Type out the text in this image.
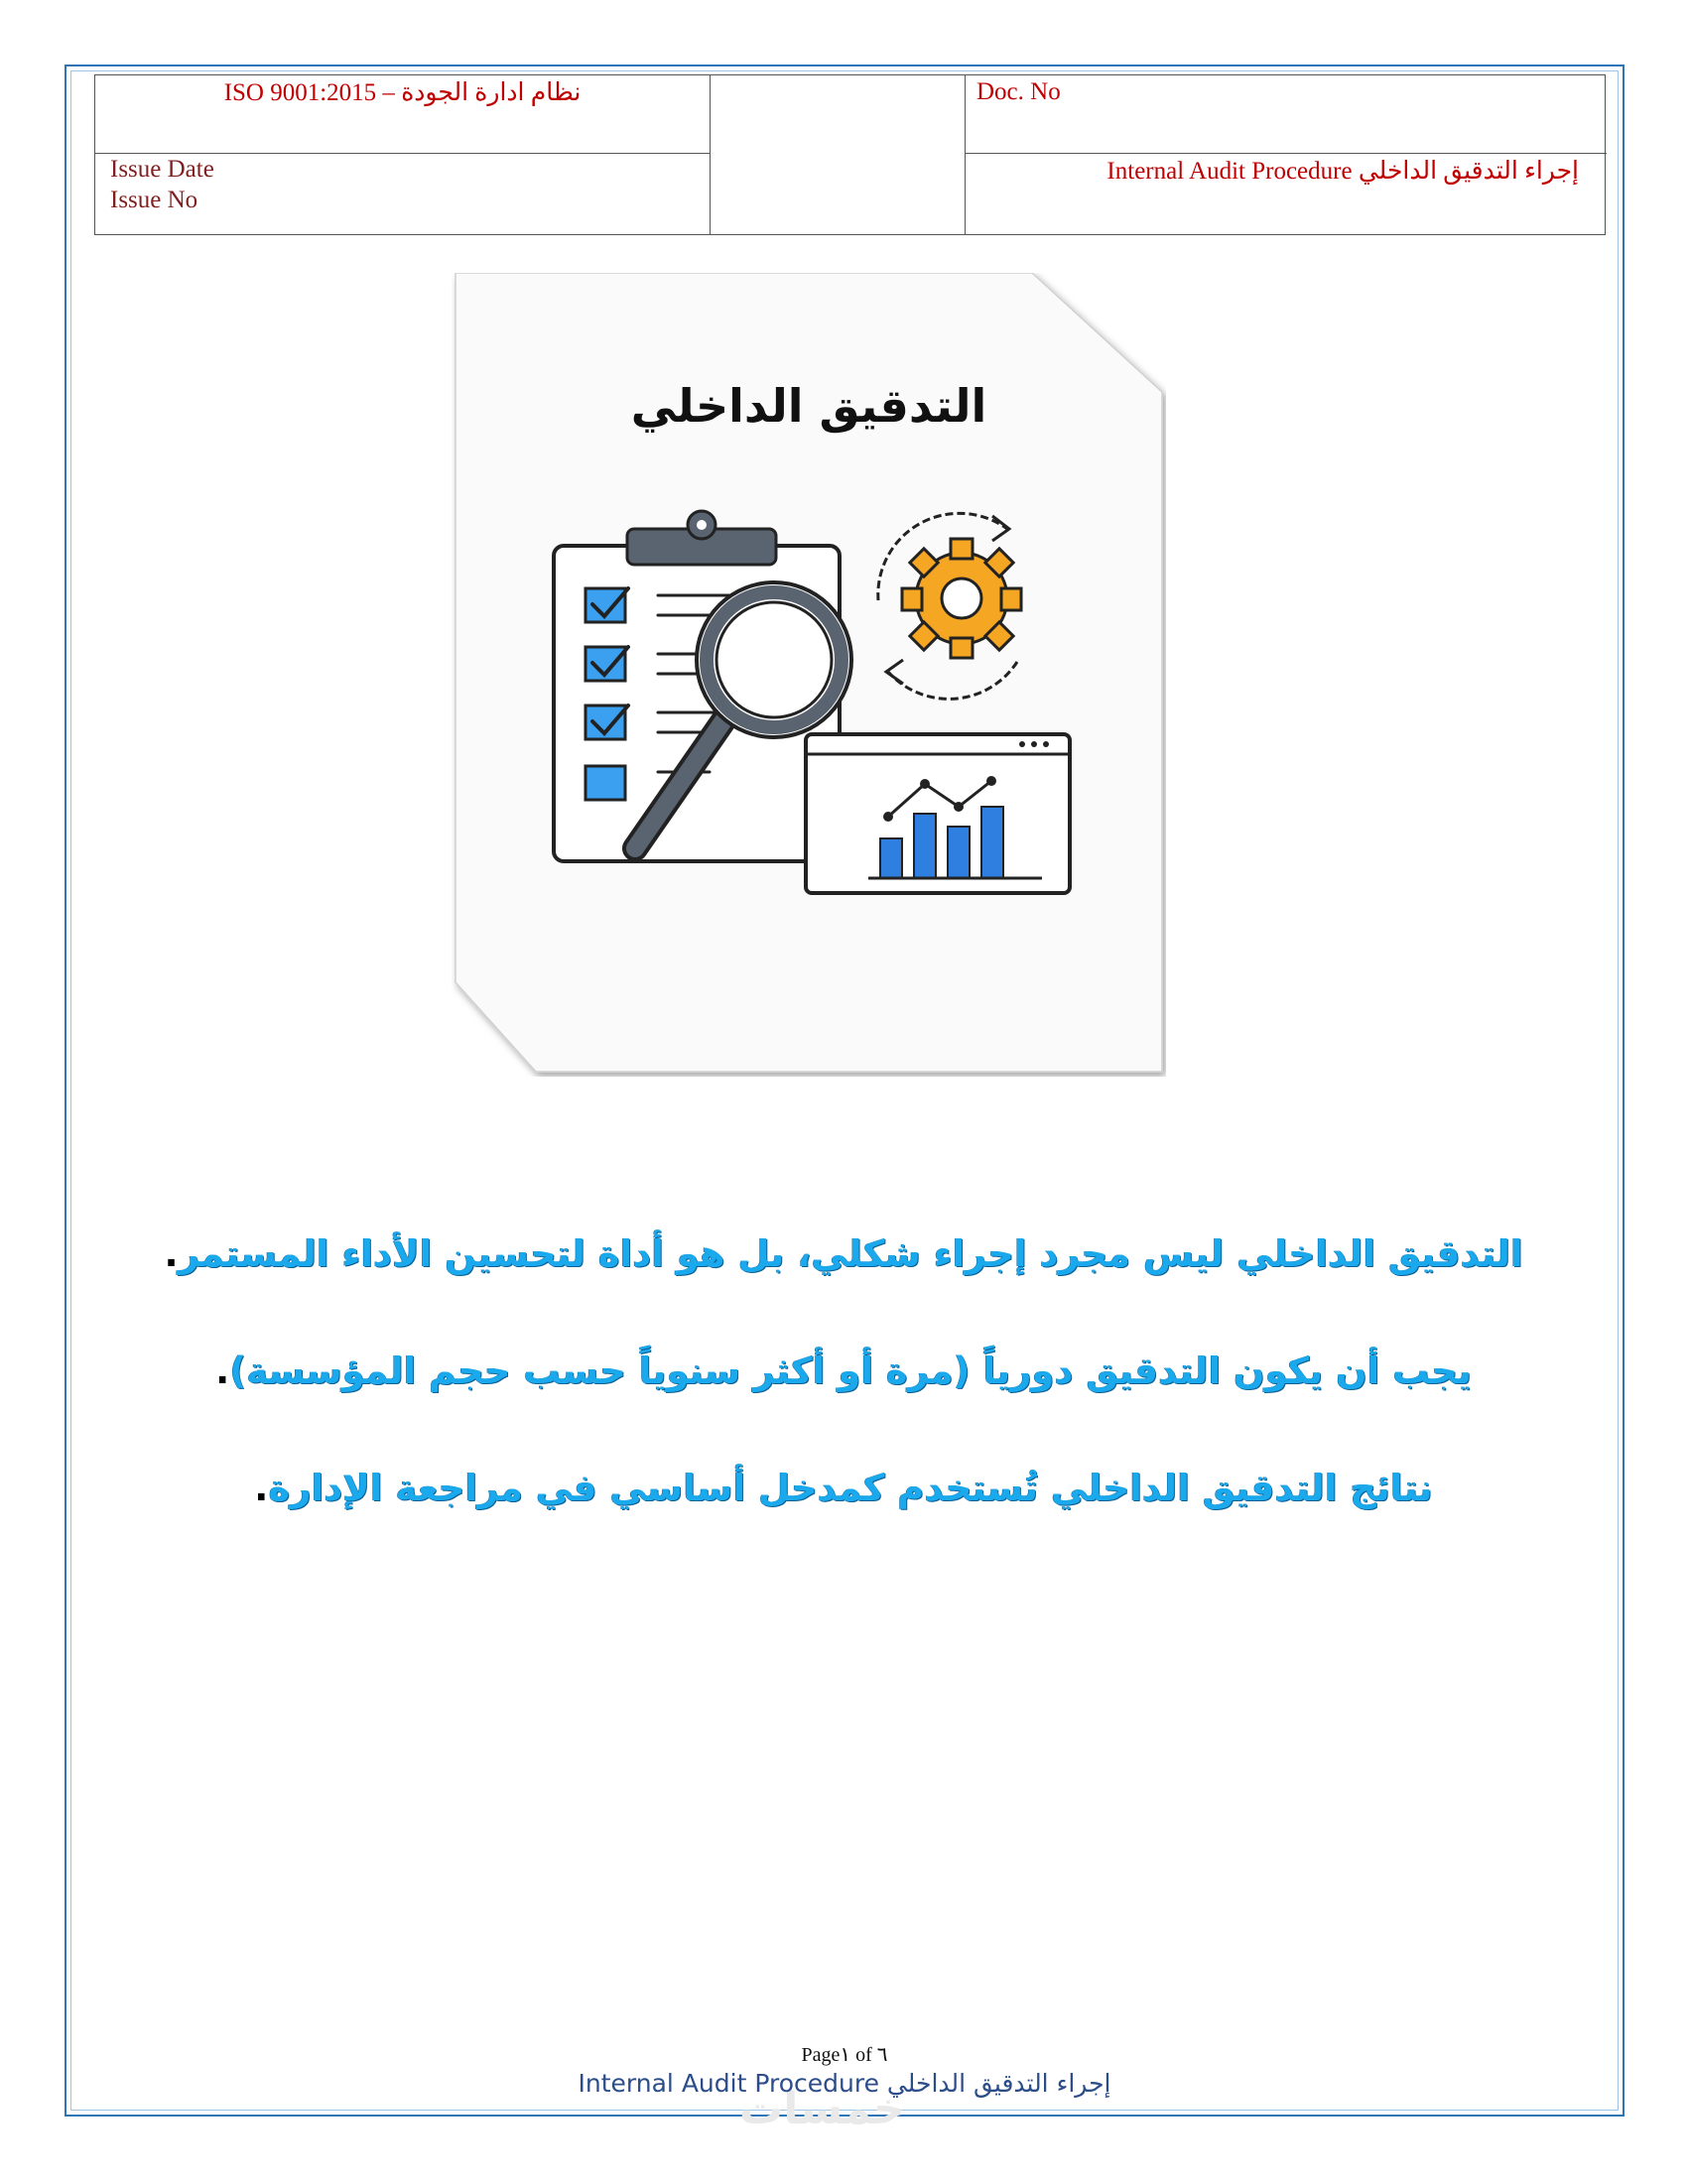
ISO 9001:2015 – نظام ادارة الجودة	Doc. No
Issue Date
Issue No
Internal Audit Procedure إجراء التدقيق الداخلي
التدقيق الداخلي
التدقيق الداخلي ليس مجرد إجراء شكلي، بل هو أداة لتحسين الأداء المستمر.
يجب أن يكون التدقيق دورياً (مرة أو أكثر سنوياً حسب حجم المؤسسة).
نتائج التدقيق الداخلي تُستخدم كمدخل أساسي في مراجعة الإدارة.
خمسات
Page١ of ٦
Internal Audit Procedure إجراء التدقيق الداخلي
